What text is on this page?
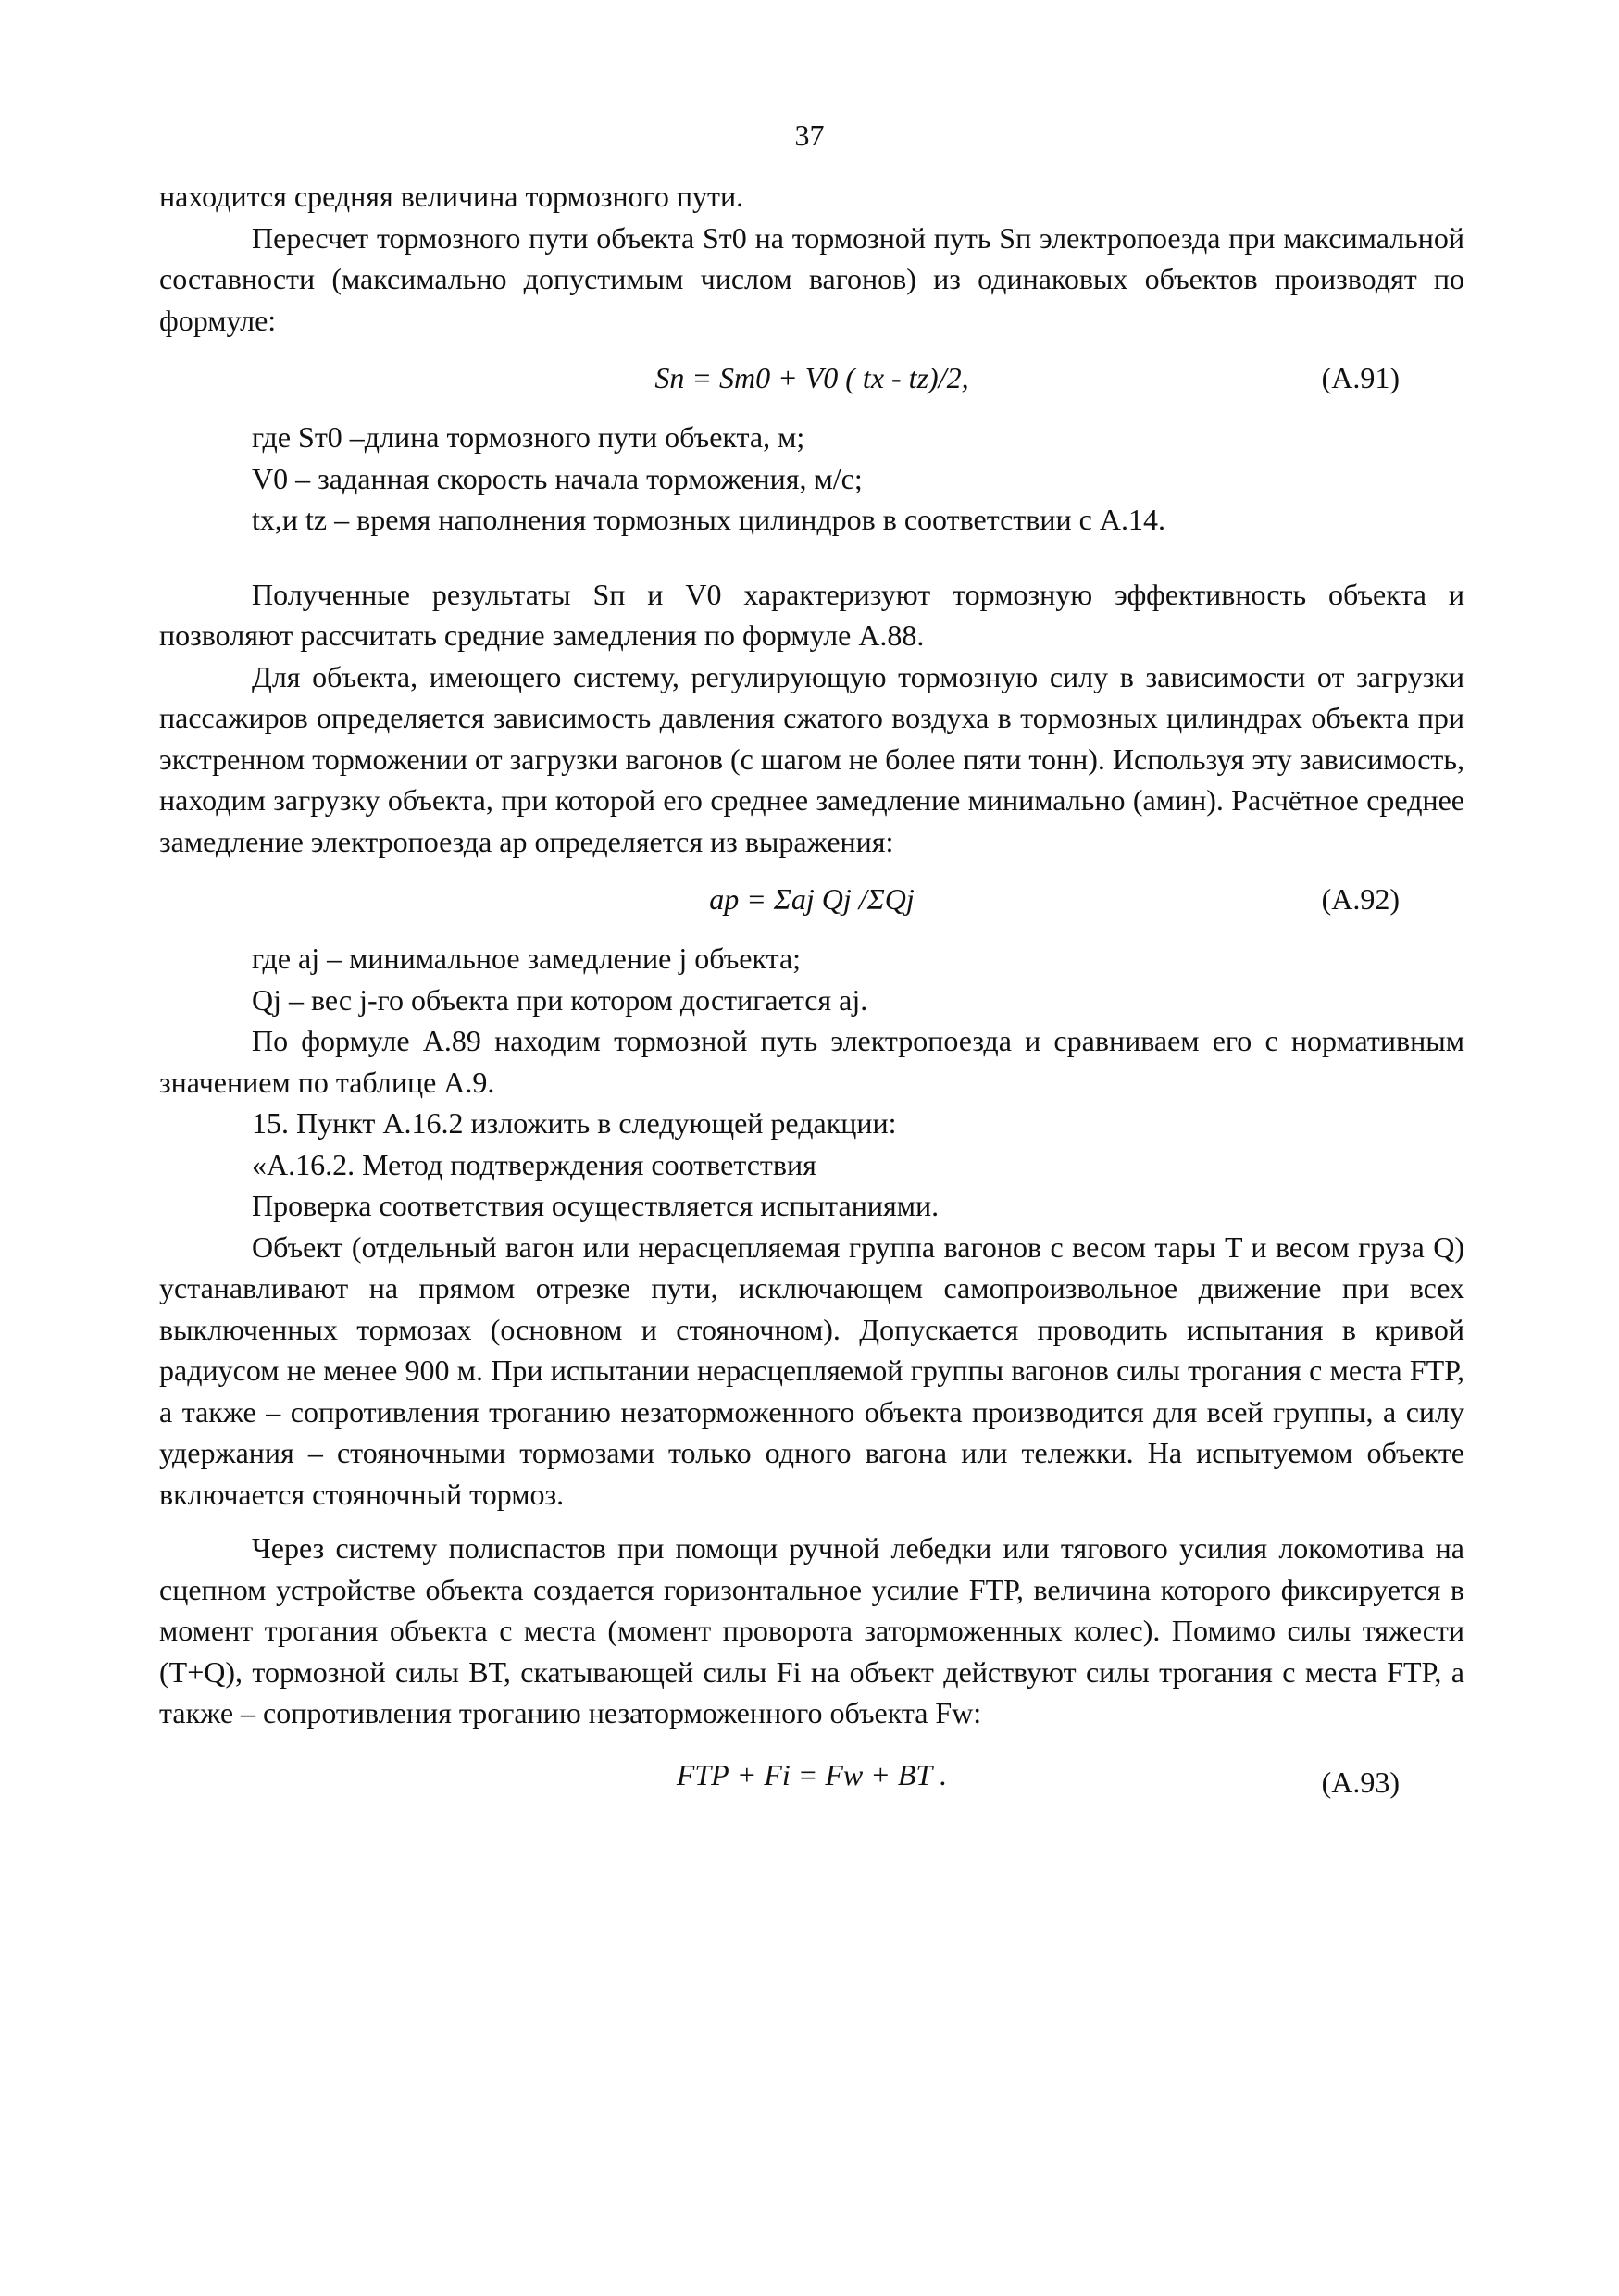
37

находится средняя величина тормозного пути.

Пересчет тормозного пути объекта Sт0 на тормозной путь Sп электропоезда при максимальной составности (максимально допустимым числом вагонов) из одинаковых объектов производят по формуле:

Sп = Sт0 + V0 ( tx - tz)/2,	(А.91)

где Sт0 –длина тормозного пути объекта, м;

V0 – заданная скорость начала торможения, м/с;

tx,и tz – время наполнения тормозных цилиндров в соответствии с А.14.

Полученные результаты Sп и V0 характеризуют тормозную эффективность объекта и позволяют рассчитать средние замедления по формуле А.88.

Для объекта, имеющего систему, регулирующую тормозную силу в зависимости от загрузки пассажиров определяется зависимость давления сжатого воздуха в тормозных цилиндрах объекта при экстренном торможении от загрузки вагонов (с шагом не более пяти тонн). Используя эту зависимость, находим загрузку объекта, при которой его среднее замедление минимально (aмин). Расчётное среднее замедление электропоезда ap определяется из выражения:

ap = Σaj Qj /ΣQj	(А.92)

где aj – минимальное замедление j объекта;

Qj – вес j-го объекта при котором достигается aj.

По формуле А.89 находим тормозной путь электропоезда и сравниваем его с нормативным значением по таблице А.9.

15. Пункт А.16.2 изложить в следующей редакции:

«А.16.2. Метод подтверждения соответствия

Проверка соответствия осуществляется испытаниями.

Объект (отдельный вагон или нерасцепляемая группа вагонов с весом тары T и весом груза Q) устанавливают на прямом отрезке пути, исключающем самопроизвольное движение при всех выключенных тормозах (основном и стояночном). Допускается проводить испытания в кривой радиусом не менее 900 м. При испытании нерасцепляемой группы вагонов силы трогания с места FТР, а также – сопротивления троганию незаторможенного объекта производится для всей группы, а силу удержания – стояночными тормозами только одного вагона или тележки. На испытуемом объекте включается стояночный тормоз.

Через систему полиспастов при помощи ручной лебедки или тягового усилия локомотива на сцепном устройстве объекта создается горизонтальное усилие FТР, величина которого фиксируется в момент трогания объекта с места (момент проворота заторможенных колес). Помимо силы тяжести (T+Q), тормозной силы BТ, скатывающей силы Fi на объект действуют силы трогания с места FТР, а также – сопротивления троганию незаторможенного объекта Fw:

FТР + Fi = Fw + BТ .	(А.93)
